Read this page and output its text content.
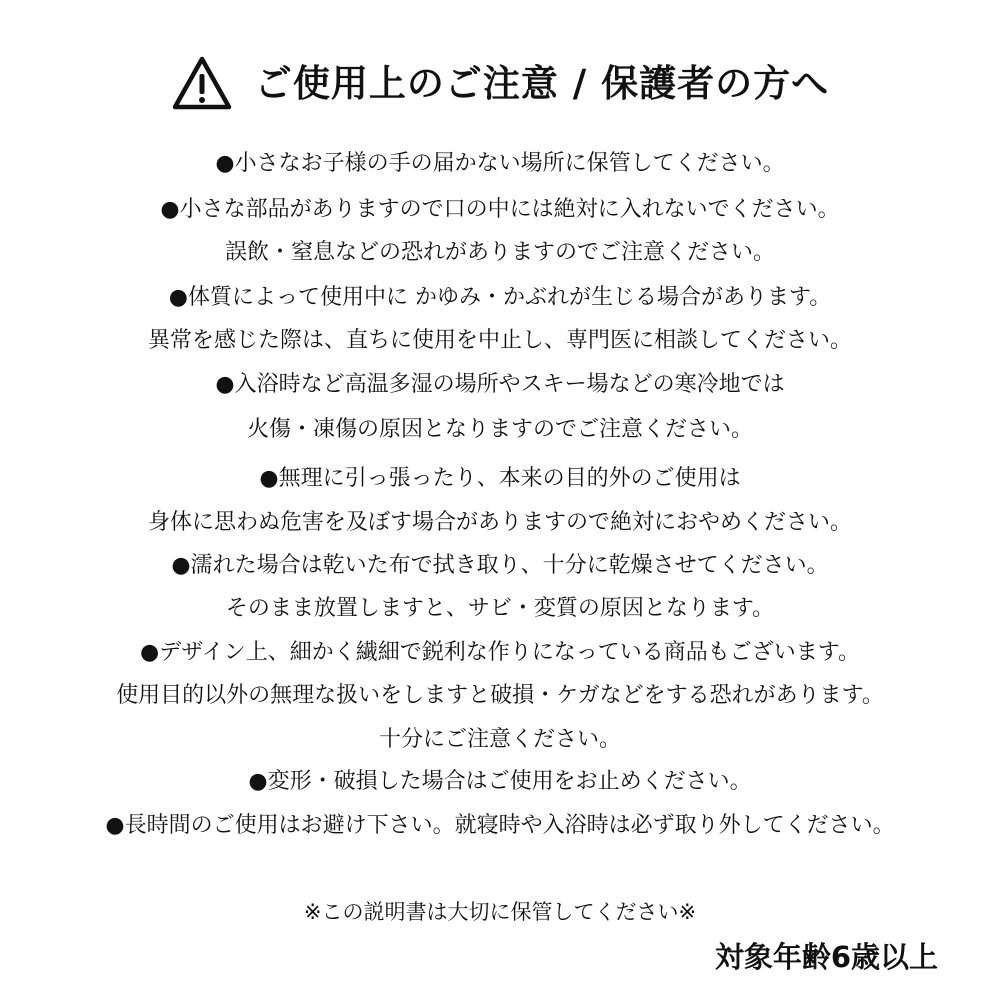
ご使用上のご注意 / 保護者の方へ
●小さなお子様の手の届かない場所に保管してください。
●小さな部品がありますので口の中には絶対に入れないでください。
誤飲・窒息などの恐れがありますのでご注意ください。
●体質によって使用中に かゆみ・かぶれが生じる場合があります。
異常を感じた際は、直ちに使用を中止し、専門医に相談してください。
●入浴時など高温多湿の場所やスキー場などの寒冷地では
火傷・凍傷の原因となりますのでご注意ください。
●無理に引っ張ったり、本来の目的外のご使用は
身体に思わぬ危害を及ぼす場合がありますので絶対におやめください。
●濡れた場合は乾いた布で拭き取り、十分に乾燥させてください。
そのまま放置しますと、サビ・変質の原因となります。
●デザイン上、細かく繊細で鋭利な作りになっている商品もございます。
使用目的以外の無理な扱いをしますと破損・ケガなどをする恐れがあります。
十分にご注意ください。
●変形・破損した場合はご使用をお止めください。
●長時間のご使用はお避け下さい。就寝時や入浴時は必ず取り外してください。
※この説明書は大切に保管してください※
対象年齢6歳以上
